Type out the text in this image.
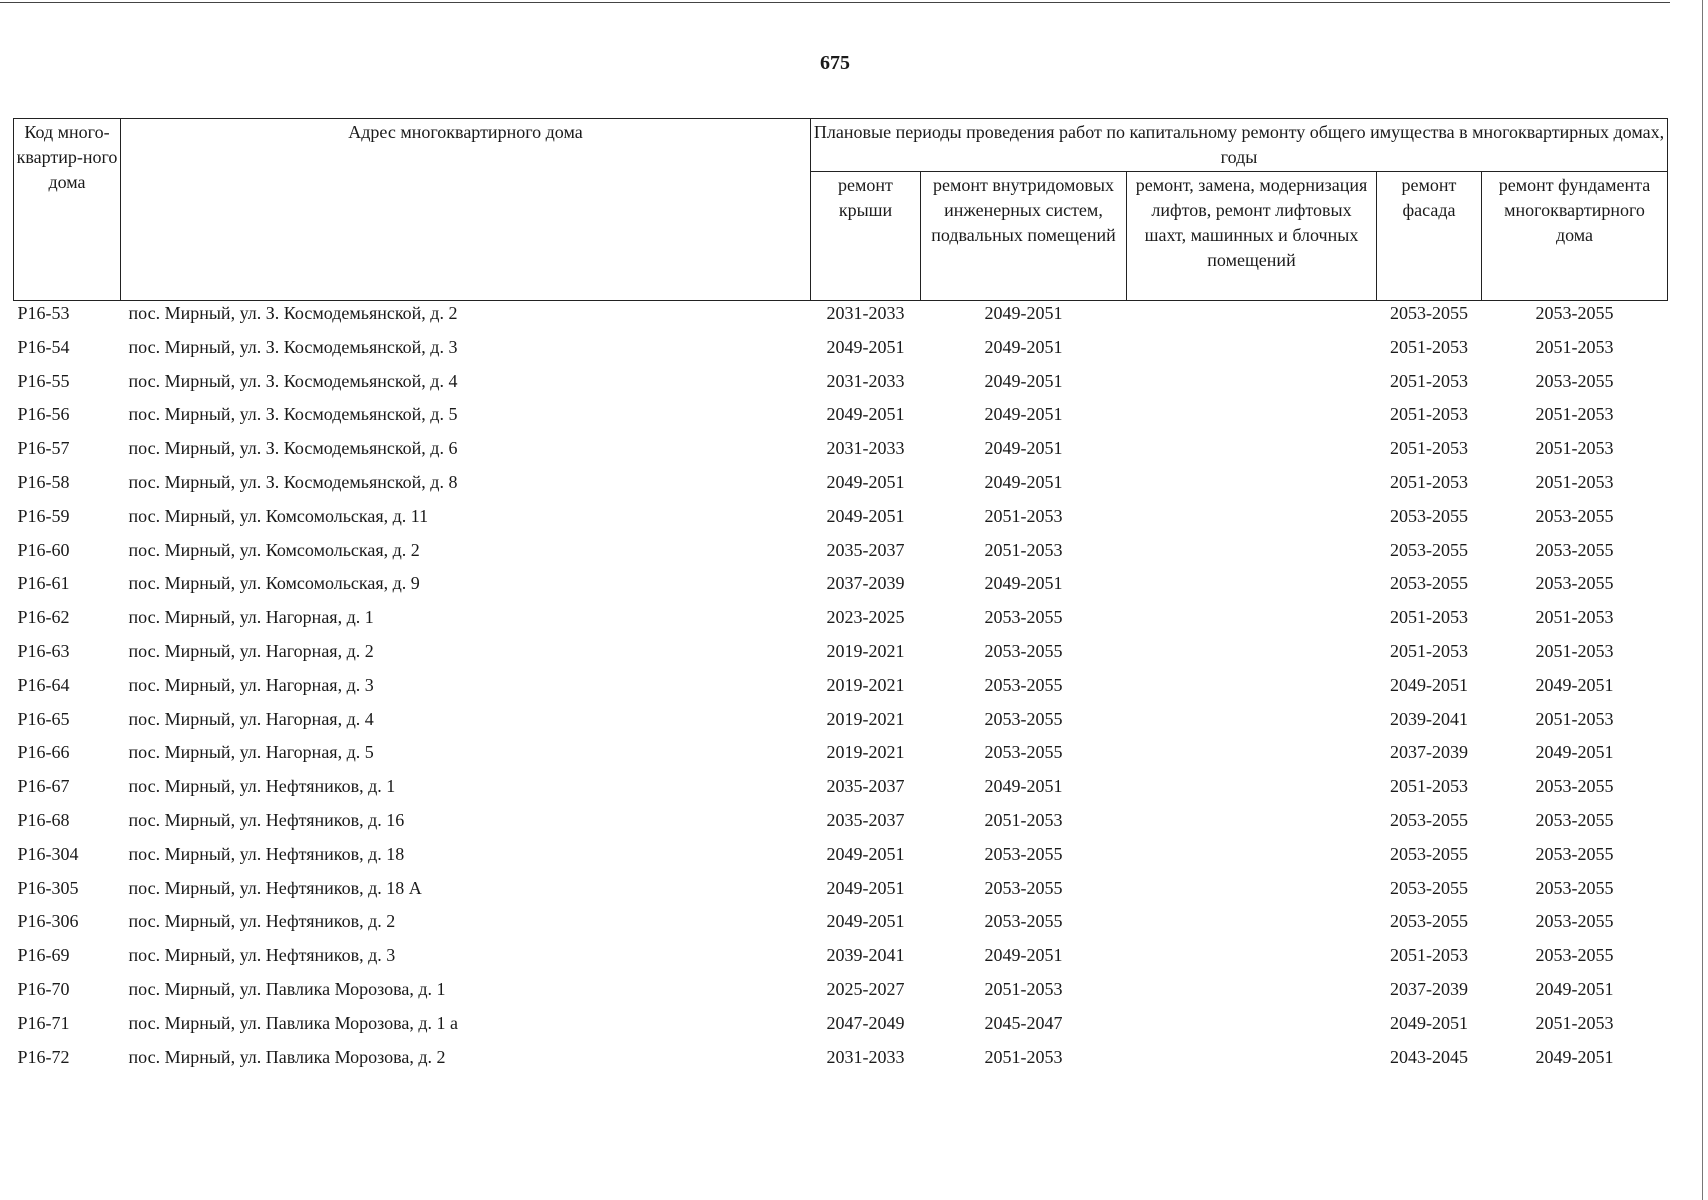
675
Код много-квартир-ного дома	Адрес многоквартирного дома	Плановые периоды проведения работ по капитальному ремонту общего имущества в многоквартирных домах, годы				
		ремонт крыши	ремонт внутридомовых инженерных систем, подвальных помещений	ремонт, замена, модернизация лифтов, ремонт лифтовых шахт, машинных и блочных помещений	ремонт фасада	ремонт фундамента многоквартирного дома
P16-53	пос. Мирный, ул. З. Космодемьянской, д. 2	2031-2033	2049-2051		2053-2055	2053-2055
P16-54	пос. Мирный, ул. З. Космодемьянской, д. 3	2049-2051	2049-2051		2051-2053	2051-2053
P16-55	пос. Мирный, ул. З. Космодемьянской, д. 4	2031-2033	2049-2051		2051-2053	2053-2055
P16-56	пос. Мирный, ул. З. Космодемьянской, д. 5	2049-2051	2049-2051		2051-2053	2051-2053
P16-57	пос. Мирный, ул. З. Космодемьянской, д. 6	2031-2033	2049-2051		2051-2053	2051-2053
P16-58	пос. Мирный, ул. З. Космодемьянской, д. 8	2049-2051	2049-2051		2051-2053	2051-2053
P16-59	пос. Мирный, ул. Комсомольская, д. 11	2049-2051	2051-2053		2053-2055	2053-2055
P16-60	пос. Мирный, ул. Комсомольская, д. 2	2035-2037	2051-2053		2053-2055	2053-2055
P16-61	пос. Мирный, ул. Комсомольская, д. 9	2037-2039	2049-2051		2053-2055	2053-2055
P16-62	пос. Мирный, ул. Нагорная, д. 1	2023-2025	2053-2055		2051-2053	2051-2053
P16-63	пос. Мирный, ул. Нагорная, д. 2	2019-2021	2053-2055		2051-2053	2051-2053
P16-64	пос. Мирный, ул. Нагорная, д. 3	2019-2021	2053-2055		2049-2051	2049-2051
P16-65	пос. Мирный, ул. Нагорная, д. 4	2019-2021	2053-2055		2039-2041	2051-2053
P16-66	пос. Мирный, ул. Нагорная, д. 5	2019-2021	2053-2055		2037-2039	2049-2051
P16-67	пос. Мирный, ул. Нефтяников, д. 1	2035-2037	2049-2051		2051-2053	2053-2055
P16-68	пос. Мирный, ул. Нефтяников, д. 16	2035-2037	2051-2053		2053-2055	2053-2055
P16-304	пос. Мирный, ул. Нефтяников, д. 18	2049-2051	2053-2055		2053-2055	2053-2055
P16-305	пос. Мирный, ул. Нефтяников, д. 18 А	2049-2051	2053-2055		2053-2055	2053-2055
P16-306	пос. Мирный, ул. Нефтяников, д. 2	2049-2051	2053-2055		2053-2055	2053-2055
P16-69	пос. Мирный, ул. Нефтяников, д. 3	2039-2041	2049-2051		2051-2053	2053-2055
P16-70	пос. Мирный, ул. Павлика Морозова, д. 1	2025-2027	2051-2053		2037-2039	2049-2051
P16-71	пос. Мирный, ул. Павлика Морозова, д. 1 а	2047-2049	2045-2047		2049-2051	2051-2053
P16-72	пос. Мирный, ул. Павлика Морозова, д. 2	2031-2033	2051-2053		2043-2045	2049-2051
